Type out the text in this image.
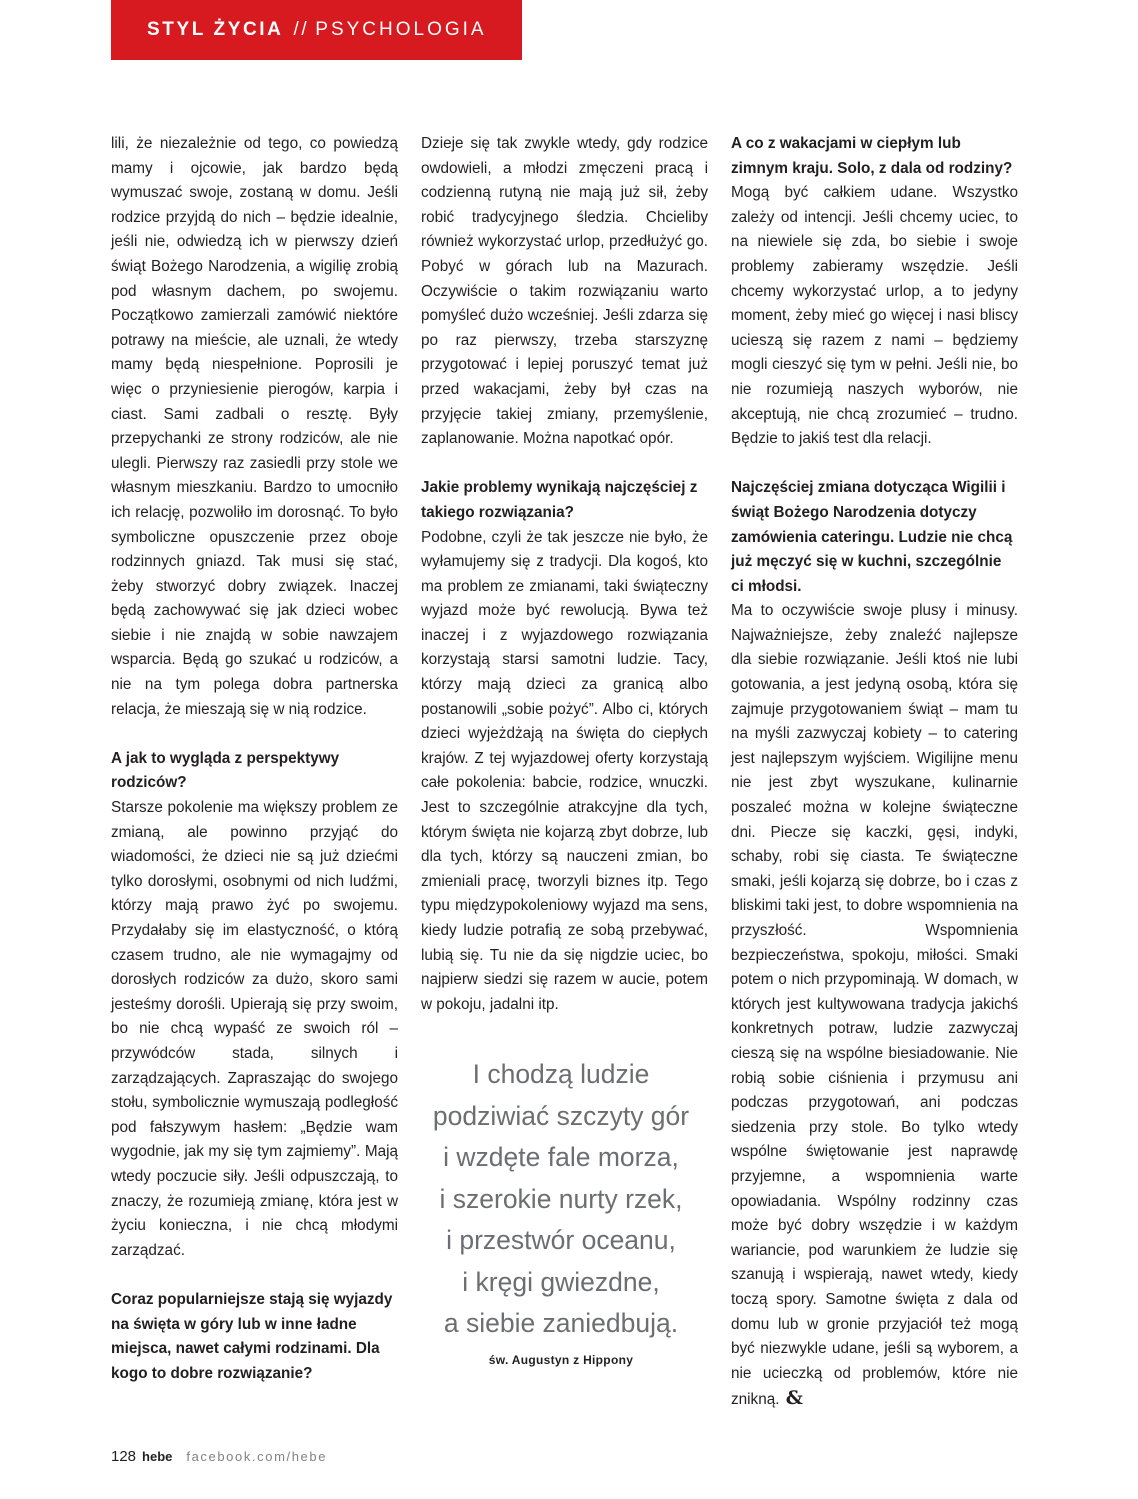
STYL ŻYCIA // PSYCHOLOGIA

lili, że niezależnie od tego, co powiedzą mamy i ojcowie, jak bardzo będą wymuszać swoje, zostaną w domu. Jeśli rodzice przyjdą do nich – będzie idealnie, jeśli nie, odwiedzą ich w pierwszy dzień świąt Bożego Narodzenia, a wigilię zrobią pod własnym dachem, po swojemu. Początkowo zamierzali zamówić niektóre potrawy na mieście, ale uznali, że wtedy mamy będą niespełnione. Poprosili je więc o przyniesienie pierogów, karpia i ciast. Sami zadbali o resztę. Były przepychanki ze strony rodziców, ale nie ulegli. Pierwszy raz zasiedli przy stole we własnym mieszkaniu. Bardzo to umocniło ich relację, pozwoliło im dorosnąć. To było symboliczne opuszczenie przez oboje rodzinnych gniazd. Tak musi się stać, żeby stworzyć dobry związek. Inaczej będą zachowywać się jak dzieci wobec siebie i nie znajdą w sobie nawzajem wsparcia. Będą go szukać u rodziców, a nie na tym polega dobra partnerska relacja, że mieszają się w nią rodzice.

A jak to wygląda z perspektywy rodziców?

Starsze pokolenie ma większy problem ze zmianą, ale powinno przyjąć do wiadomości, że dzieci nie są już dziećmi tylko dorosłymi, osobnymi od nich ludźmi, którzy mają prawo żyć po swojemu. Przydałaby się im elastyczność, o którą czasem trudno, ale nie wymagajmy od dorosłych rodziców za dużo, skoro sami jesteśmy dorośli. Upierają się przy swoim, bo nie chcą wypaść ze swoich ról – przywódców stada, silnych i zarządzających. Zapraszając do swojego stołu, symbolicznie wymuszają podległość pod fałszywym hasłem: „Będzie wam wygodnie, jak my się tym zajmiemy”. Mają wtedy poczucie siły. Jeśli odpuszczają, to znaczy, że rozumieją zmianę, która jest w życiu konieczna, i nie chcą młodymi zarządzać.

Coraz popularniejsze stają się wyjazdy na święta w góry lub w inne ładne miejsca, nawet całymi rodzinami. Dla kogo to dobre rozwiązanie?

Dzieje się tak zwykle wtedy, gdy rodzice owdowieli, a młodzi zmęczeni pracą i codzienną rutyną nie mają już sił, żeby robić tradycyjnego śledzia. Chcieliby również wykorzystać urlop, przedłużyć go. Pobyć w górach lub na Mazurach. Oczywiście o takim rozwiązaniu warto pomyśleć dużo wcześniej. Jeśli zdarza się po raz pierwszy, trzeba starszyznę przygotować i lepiej poruszyć temat już przed wakacjami, żeby był czas na przyjęcie takiej zmiany, przemyślenie, zaplanowanie. Można napotkać opór.

Jakie problemy wynikają najczęściej z takiego rozwiązania?

Podobne, czyli że tak jeszcze nie było, że wyłamujemy się z tradycji. Dla kogoś, kto ma problem ze zmianami, taki świąteczny wyjazd może być rewolucją. Bywa też inaczej i z wyjazdowego rozwiązania korzystają starsi samotni ludzie. Tacy, którzy mają dzieci za granicą albo postanowili „sobie pożyć”. Albo ci, których dzieci wyjeżdżają na święta do ciepłych krajów. Z tej wyjazdowej oferty korzystają całe pokolenia: babcie, rodzice, wnuczki. Jest to szczególnie atrakcyjne dla tych, którym święta nie kojarzą zbyt dobrze, lub dla tych, którzy są nauczeni zmian, bo zmieniali pracę, tworzyli biznes itp. Tego typu międzypokoleniowy wyjazd ma sens, kiedy ludzie potrafią ze sobą przebywać, lubią się. Tu nie da się nigdzie uciec, bo najpierw siedzi się razem w aucie, potem w pokoju, jadalni itp.

A co z wakacjami w ciepłym lub zimnym kraju. Solo, z dala od rodziny?

Mogą być całkiem udane. Wszystko zależy od intencji. Jeśli chcemy uciec, to na niewiele się zda, bo siebie i swoje problemy zabieramy wszędzie. Jeśli chcemy wykorzystać urlop, a to jedyny moment, żeby mieć go więcej i nasi bliscy ucieszą się razem z nami – będziemy mogli cieszyć się tym w pełni. Jeśli nie, bo nie rozumieją naszych wyborów, nie akceptują, nie chcą zrozumieć – trudno. Będzie to jakiś test dla relacji.

Najczęściej zmiana dotycząca Wigilii i świąt Bożego Narodzenia dotyczy zamówienia cateringu. Ludzie nie chcą już męczyć się w kuchni, szczególnie ci młodsi.

Ma to oczywiście swoje plusy i minusy. Najważniejsze, żeby znaleźć najlepsze dla siebie rozwiązanie. Jeśli ktoś nie lubi gotowania, a jest jedyną osobą, która się zajmuje przygotowaniem świąt – mam tu na myśli zazwyczaj kobiety – to catering jest najlepszym wyjściem. Wigilijne menu nie jest zbyt wyszukane, kulinarnie poszaleć można w kolejne świąteczne dni. Piecze się kaczki, gęsi, indyki, schaby, robi się ciasta. Te świąteczne smaki, jeśli kojarzą się dobrze, bo i czas z bliskimi taki jest, to dobre wspomnienia na przyszłość. Wspomnienia bezpieczeństwa, spokoju, miłości. Smaki potem o nich przypominają. W domach, w których jest kultywowana tradycja jakichś konkretnych potraw, ludzie zazwyczaj cieszą się na wspólne biesiadowanie. Nie robią sobie ciśnienia i przymusu ani podczas przygotowań, ani podczas siedzenia przy stole. Bo tylko wtedy wspólne świętowanie jest naprawdę przyjemne, a wspomnienia warte opowiadania. Wspólny rodzinny czas może być dobry wszędzie i w każdym wariancie, pod warunkiem że ludzie się szanują i wspierają, nawet wtedy, kiedy toczą spory. Samotne święta z dala od domu lub w gronie przyjaciół też mogą być niezwykle udane, jeśli są wyborem, a nie ucieczką od problemów, które nie znikną. &

I chodzą ludzie
podziwiać szczyty gór
i wzdęte fale morza,
i szerokie nurty rzek,
i przestwór oceanu,
i kręgi gwiezdne,
a siebie zaniedbują.

św. Augustyn z Hippony
128 hebe facebook.com/hebe
